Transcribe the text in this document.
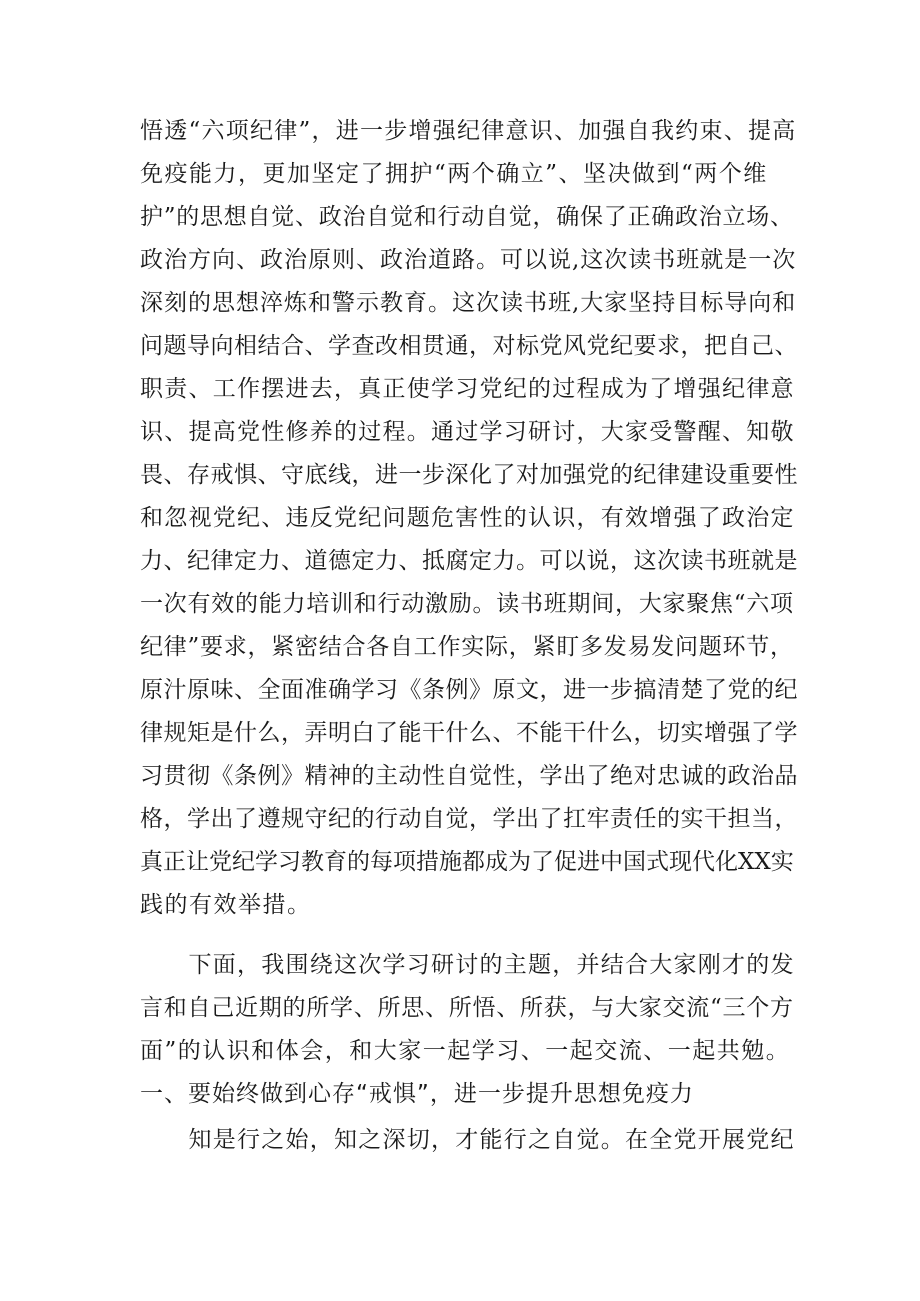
悟透“六项纪律”，进一步增强纪律意识、加强自我约束、提高
免疫能力，更加坚定了拥护“两个确立”、坚决做到“两个维
护”的思想自觉、政治自觉和行动自觉，确保了正确政治立场、
政治方向、政治原则、政治道路。可以说,这次读书班就是一次
深刻的思想淬炼和警示教育。这次读书班,大家坚持目标导向和
问题导向相结合、学查改相贯通，对标党风党纪要求，把自己、
职责、工作摆进去，真正使学习党纪的过程成为了增强纪律意
识、提高党性修养的过程。通过学习研讨，大家受警醒、知敬
畏、存戒惧、守底线，进一步深化了对加强党的纪律建设重要性
和忽视党纪、违反党纪问题危害性的认识，有效增强了政治定
力、纪律定力、道德定力、抵腐定力。可以说，这次读书班就是
一次有效的能力培训和行动激励。读书班期间，大家聚焦“六项
纪律”要求，紧密结合各自工作实际，紧盯多发易发问题环节，
原汁原味、全面准确学习《条例》原文，进一步搞清楚了党的纪
律规矩是什么，弄明白了能干什么、不能干什么，切实增强了学
习贯彻《条例》精神的主动性自觉性，学出了绝对忠诚的政治品
格，学出了遵规守纪的行动自觉，学出了扛牢责任的实干担当，
真正让党纪学习教育的每项措施都成为了促进中国式现代化XX实
践的有效举措。
　　下面，我围绕这次学习研讨的主题，并结合大家刚才的发
言和自己近期的所学、所思、所悟、所获，与大家交流“三个方
面”的认识和体会，和大家一起学习、一起交流、一起共勉。
一、要始终做到心存“戒惧”，进一步提升思想免疫力
　　知是行之始，知之深切，才能行之自觉。在全党开展党纪
